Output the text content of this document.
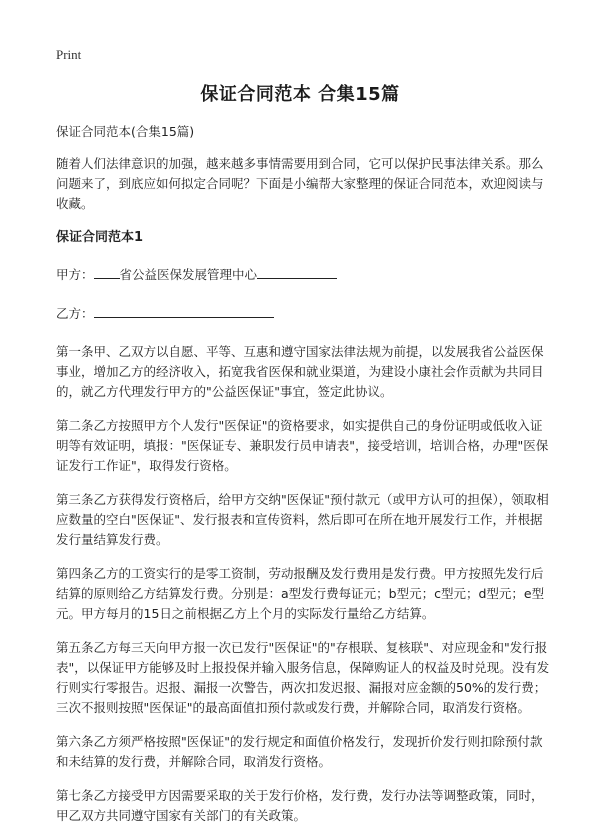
Print
保证合同范本 合集15篇

保证合同范本(合集15篇)

随着人们法律意识的加强，越来越多事情需要用到合同，它可以保护民事法律关系。那么问题来了，到底应如何拟定合同呢？下面是小编帮大家整理的保证合同范本，欢迎阅读与收藏。

保证合同范本1

甲方： 省公益医保发展管理中心

乙方：

第一条甲、乙双方以自愿、平等、互惠和遵守国家法律法规为前提，以发展我省公益医保事业，增加乙方的经济收入，拓宽我省医保和就业渠道，为建设小康社会作贡献为共同目的，就乙方代理发行甲方的"公益医保证"事宜，签定此协议。

第二条乙方按照甲方个人发行"医保证"的资格要求，如实提供自己的身份证明或低收入证明等有效证明，填报："医保证专、兼职发行员申请表"，接受培训，培训合格，办理"医保证发行工作证"，取得发行资格。

第三条乙方获得发行资格后，给甲方交纳"医保证"预付款元（或甲方认可的担保），领取相应数量的空白"医保证"、发行报表和宣传资料，然后即可在所在地开展发行工作，并根据发行量结算发行费。

第四条乙方的工资实行的是零工资制，劳动报酬及发行费用是发行费。甲方按照先发行后结算的原则给乙方结算发行费。分别是：a型发行费每证元；b型元；c型元；d型元；e型元。甲方每月的15日之前根据乙方上个月的实际发行量给乙方结算。

第五条乙方每三天向甲方报一次已发行"医保证"的"存根联、复核联"、对应现金和"发行报表"，以保证甲方能够及时上报投保并输入服务信息，保障购证人的权益及时兑现。没有发行则实行零报告。迟报、漏报一次警告，两次扣发迟报、漏报对应金额的50%的发行费；三次不报则按照"医保证"的最高面值扣预付款或发行费，并解除合同，取消发行资格。

第六条乙方须严格按照"医保证"的发行规定和面值价格发行，发现折价发行则扣除预付款和未结算的发行费，并解除合同，取消发行资格。

第七条乙方接受甲方因需要采取的关于发行价格，发行费，发行办法等调整政策，同时，甲乙双方共同遵守国家有关部门的有关政策。
